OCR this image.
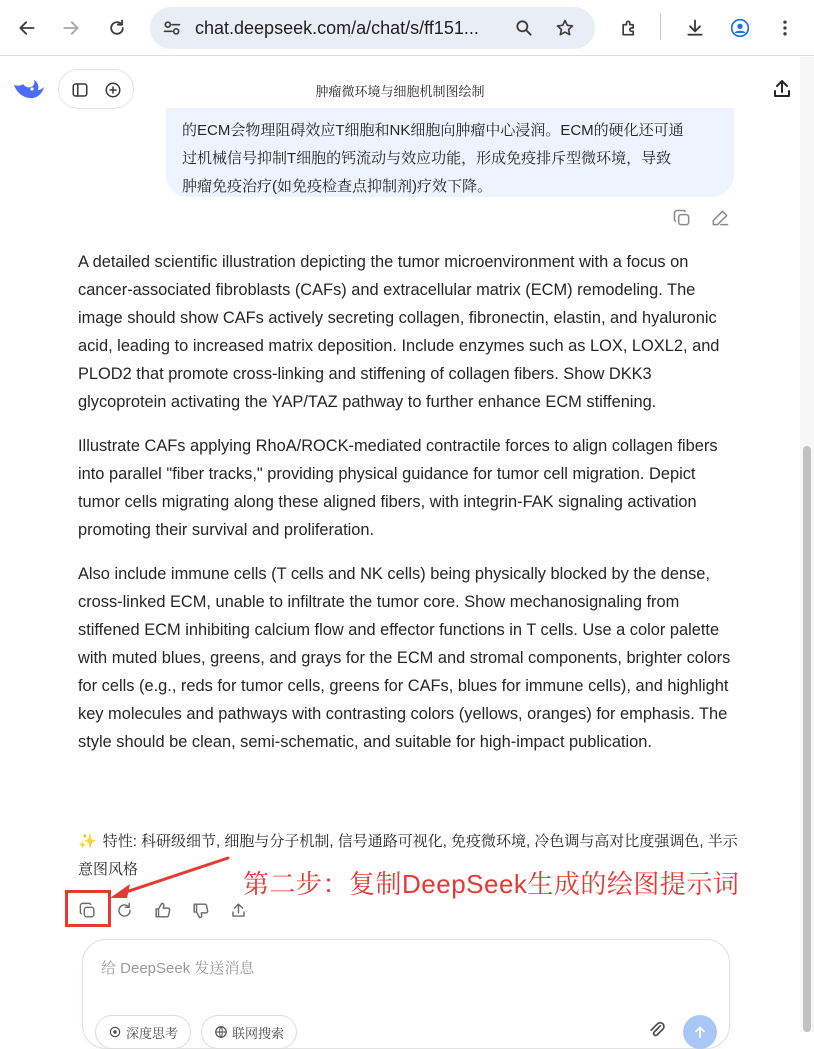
chat.deepseek.com/a/chat/s/ff151...
肿瘤微环境与细胞机制图绘制
的ECM会物理阻碍效应T细胞和NK细胞向肿瘤中心浸润。ECM的硬化还可通
过机械信号抑制T细胞的钙流动与效应功能，形成免疫排斥型微环境，导致
肿瘤免疫治疗(如免疫检查点抑制剂)疗效下降。

A detailed scientific illustration depicting the tumor microenvironment with a focus on cancer-associated fibroblasts (CAFs) and extracellular matrix (ECM) remodeling. The image should show CAFs actively secreting collagen, fibronectin, elastin, and hyaluronic acid, leading to increased matrix deposition. Include enzymes such as LOX, LOXL2, and PLOD2 that promote cross-linking and stiffening of collagen fibers. Show DKK3 glycoprotein activating the YAP/TAZ pathway to further enhance ECM stiffening.

Illustrate CAFs applying RhoA/ROCK-mediated contractile forces to align collagen fibers into parallel "fiber tracks," providing physical guidance for tumor cell migration. Depict tumor cells migrating along these aligned fibers, with integrin-FAK signaling activation promoting their survival and proliferation.

Also include immune cells (T cells and NK cells) being physically blocked by the dense, cross-linked ECM, unable to infiltrate the tumor core. Show mechanosignaling from stiffened ECM inhibiting calcium flow and effector functions in T cells. Use a color palette with muted blues, greens, and grays for the ECM and stromal components, brighter colors for cells (e.g., reds for tumor cells, greens for CAFs, blues for immune cells), and highlight key molecules and pathways with contrasting colors (yellows, oranges) for emphasis. The style should be clean, semi-schematic, and suitable for high-impact publication.

✨ 特性: 科研级细节, 细胞与分子机制, 信号通路可视化, 免疫微环境, 冷色调与高对比度强调色, 半示意图风格	第二步：复制DeepSeek生成的绘图提示词
给 DeepSeek 发送消息
深度思考	联网搜索
